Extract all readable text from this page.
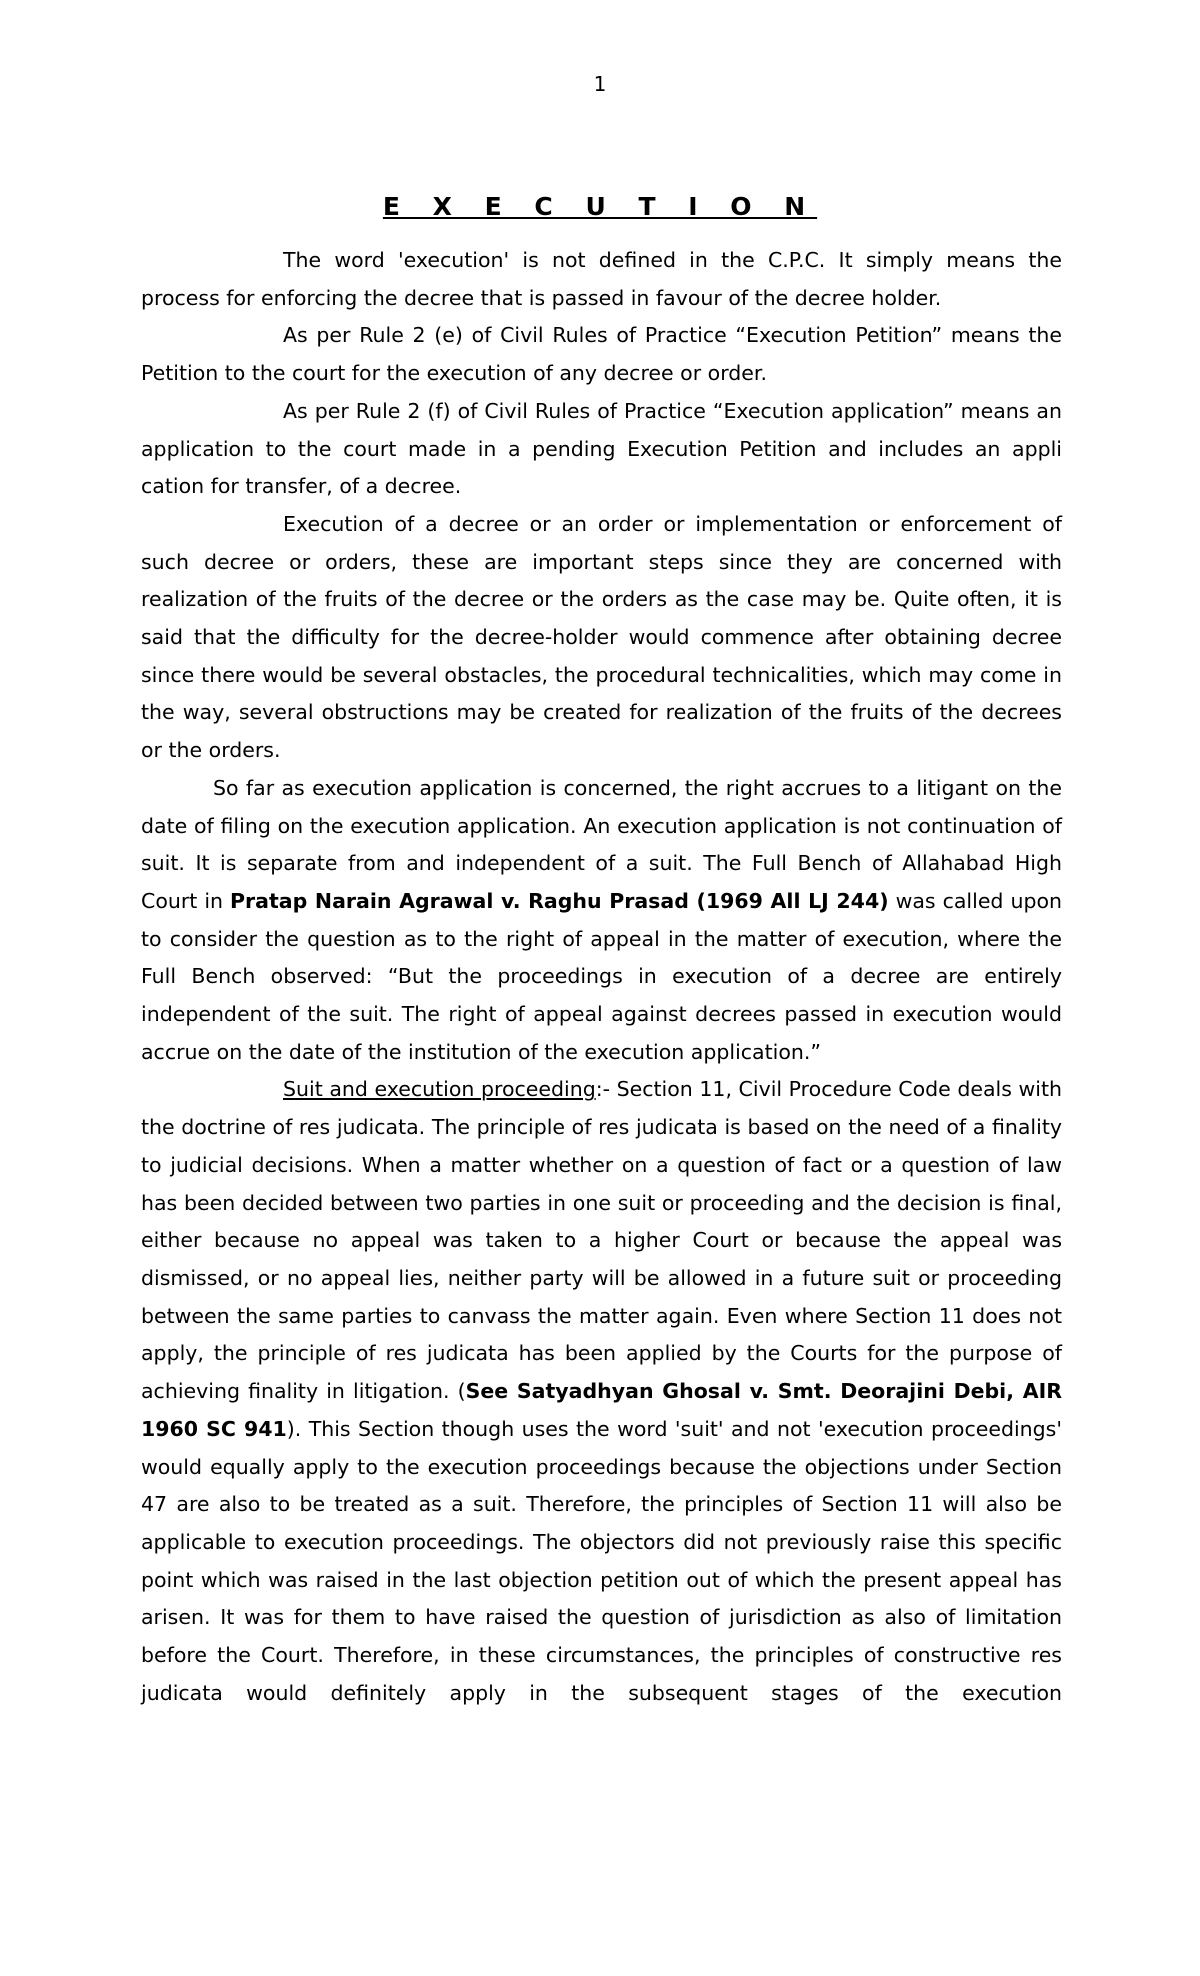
1
E X E C U T I O N

The word 'execution' is not defined in the C.P.C. It simply means the process for enforcing the decree that is passed in favour of the decree holder.

As per Rule 2 (e) of Civil Rules of Practice “Execution Petition” means the Petition to the court for the execution of any decree or order.

As per Rule 2 (f) of Civil Rules of Practice “Execution application” means an application to the court made in a pending Execution Petition and includes an appli cation for transfer, of a decree.

Execution of a decree or an order or implementation or enforcement of such decree or orders, these are important steps since they are concerned with realization of the fruits of the decree or the orders as the case may be. Quite often, it is said that the difficulty for the decree-holder would commence after obtaining decree since there would be several obstacles, the procedural technicalities, which may come in the way, several obstructions may be created for realization of the fruits of the decrees or the orders.

So far as execution application is concerned, the right accrues to a litigant on the date of filing on the execution application. An execution application is not continuation of suit. It is separate from and independent of a suit. The Full Bench of Allahabad High Court in Pratap Narain Agrawal v. Raghu Prasad (1969 All LJ 244) was called upon to consider the question as to the right of appeal in the matter of execution, where the Full Bench observed: “But the proceedings in execution of a decree are entirely independent of the suit. The right of appeal against decrees passed in execution would accrue on the date of the institution of the execution application.”

Suit and execution proceeding:- Section 11, Civil Procedure Code deals with the doctrine of res judicata. The principle of res judicata is based on the need of a finality to judicial decisions. When a matter whether on a question of fact or a question of law has been decided between two parties in one suit or proceeding and the decision is final, either because no appeal was taken to a higher Court or because the appeal was dismissed, or no appeal lies, neither party will be allowed in a future suit or proceeding between the same parties to canvass the matter again. Even where Section 11 does not apply, the principle of res judicata has been applied by the Courts for the purpose of achieving finality in litigation. (See Satyadhyan Ghosal v. Smt. Deorajini Debi, AIR 1960 SC 941). This Section though uses the word 'suit' and not 'execution proceedings' would equally apply to the execution proceedings because the objections under Section 47 are also to be treated as a suit. Therefore, the principles of Section 11 will also be applicable to execution proceedings. The objectors did not previously raise this specific point which was raised in the last objection petition out of which the present appeal has arisen. It was for them to have raised the question of jurisdiction as also of limitation before the Court. Therefore, in these circumstances, the principles of constructive res judicata would definitely apply in the subsequent stages of the execution
